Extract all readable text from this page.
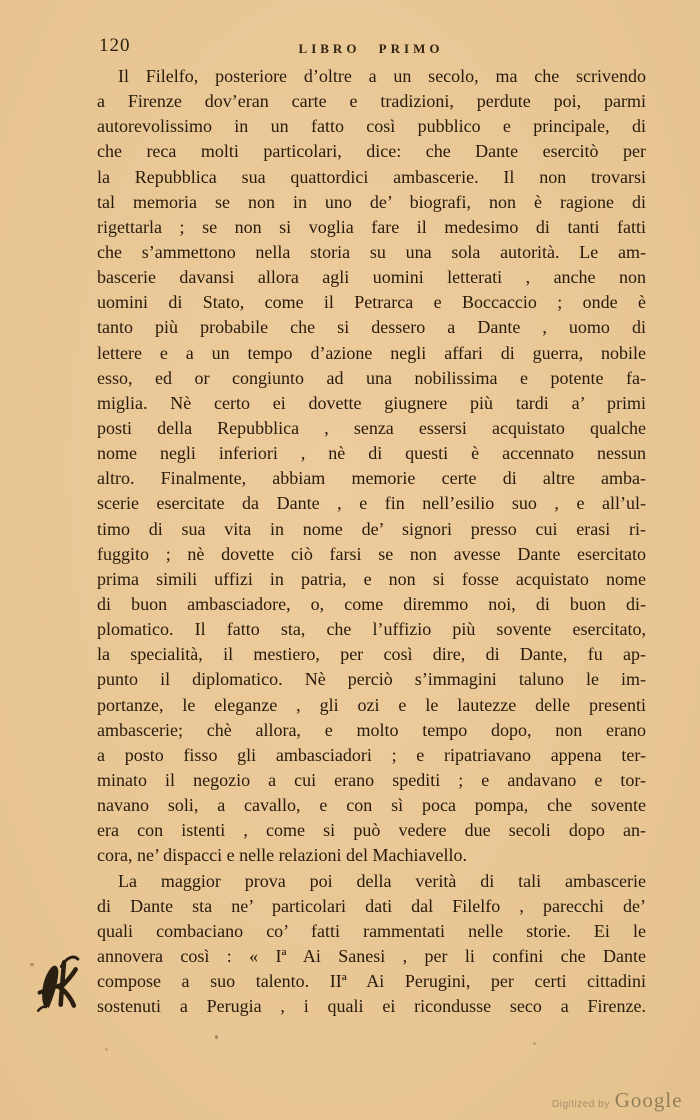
120	LIBRO PRIMO
Il Filelfo, posteriore d’oltre a un secolo, ma che scrivendo
a Firenze dov’eran carte e tradizioni, perdute poi, parmi
autorevolissimo in un fatto così pubblico e principale, di
che reca molti particolari, dice: che Dante esercitò per
la Repubblica sua quattordici ambascerie. Il non trovarsi
tal memoria se non in uno de’ biografi, non è ragione di
rigettarla ; se non si voglia fare il medesimo di tanti fatti
che s’ammettono nella storia su una sola autorità. Le am-
bascerie davansi allora agli uomini letterati , anche non
uomini di Stato, come il Petrarca e Boccaccio ; onde è
tanto più probabile che si dessero a Dante , uomo di
lettere e a un tempo d’azione negli affari di guerra, nobile
esso, ed or congiunto ad una nobilissima e potente fa-
miglia. Nè certo ei dovette giugnere più tardi a’ primi
posti della Repubblica , senza essersi acquistato qualche
nome negli inferiori , nè di questi è accennato nessun
altro. Finalmente, abbiam memorie certe di altre amba-
scerie esercitate da Dante , e fin nell’esilio suo , e all’ul-
timo di sua vita in nome de’ signori presso cui erasi ri-
fuggito ; nè dovette ciò farsi se non avesse Dante esercitato
prima simili uffizi in patria, e non si fosse acquistato nome
di buon ambasciadore, o, come diremmo noi, di buon di-
plomatico. Il fatto sta, che l’uffizio più sovente esercitato,
la specialità, il mestiero, per così dire, di Dante, fu ap-
punto il diplomatico. Nè perciò s’immagini taluno le im-
portanze, le eleganze , gli ozi e le lautezze delle presenti
ambascerie; chè allora, e molto tempo dopo, non erano
a posto fisso gli ambasciadori ; e ripatriavano appena ter-
minato il negozio a cui erano spediti ; e andavano e tor-
navano soli, a cavallo, e con sì poca pompa, che sovente
era con istenti , come si può vedere due secoli dopo an-
cora, ne’ dispacci e nelle relazioni del Machiavello.
La maggior prova poi della verità di tali ambascerie
di Dante sta ne’ particolari dati dal Filelfo , parecchi de’
quali combaciano co’ fatti rammentati nelle storie. Ei le
annovera così : « Iª Ai Sanesi , per li confini che Dante
compose a suo talento. IIª Ai Perugini, per certi cittadini
sostenuti a Perugia , i quali ei ricondusse seco a Firenze.
Digitized by Google
